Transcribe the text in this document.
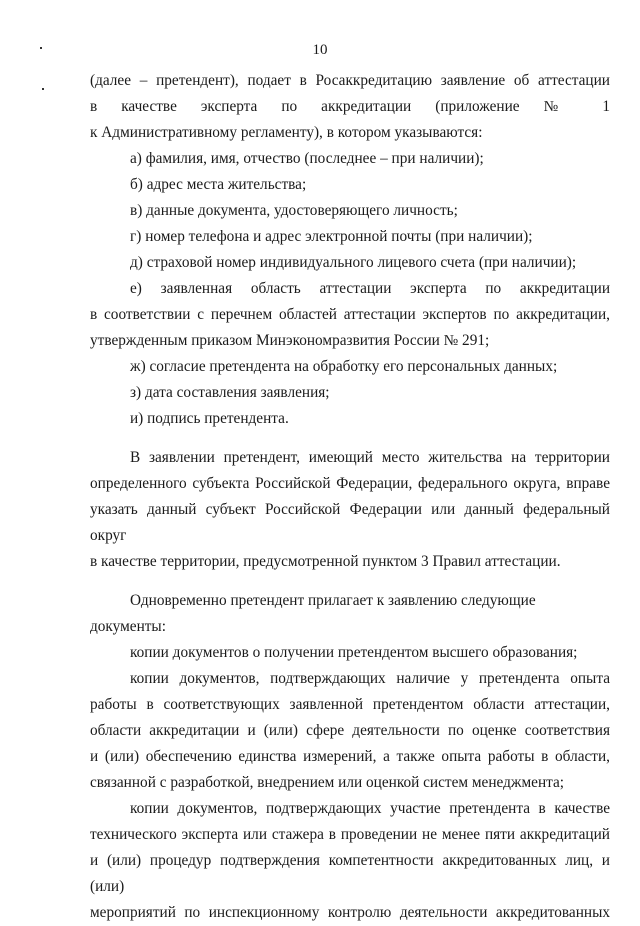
10

(далее – претендент), подает в Росаккредитацию заявление об аттестации

в качестве эксперта по аккредитации (приложение № 1

к Административному регламенту), в котором указываются:

а) фамилия, имя, отчество (последнее – при наличии);

б) адрес места жительства;

в) данные документа, удостоверяющего личность;

г) номер телефона и адрес электронной почты (при наличии);

д) страховой номер индивидуального лицевого счета (при наличии);

е) заявленная область аттестации эксперта по аккредитации

в соответствии с перечнем областей аттестации экспертов по аккредитации,

утвержденным приказом Минэкономразвития России № 291;

ж) согласие претендента на обработку его персональных данных;

з) дата составления заявления;

и) подпись претендента.

В заявлении претендент, имеющий место жительства на территории

определенного субъекта Российской Федерации, федерального округа, вправе

указать данный субъект Российской Федерации или данный федеральный округ

в качестве территории, предусмотренной пунктом 3 Правил аттестации.

Одновременно претендент прилагает к заявлению следующие документы:

копии документов о получении претендентом высшего образования;

копии документов, подтверждающих наличие у претендента опыта

работы в соответствующих заявленной претендентом области аттестации,

области аккредитации и (или) сфере деятельности по оценке соответствия

и (или) обеспечению единства измерений, а также опыта работы в области,

связанной с разработкой, внедрением или оценкой систем менеджмента;

копии документов, подтверждающих участие претендента в качестве

технического эксперта или стажера в проведении не менее пяти аккредитаций

и (или) процедур подтверждения компетентности аккредитованных лиц, и (или)

мероприятий по инспекционному контролю деятельности аккредитованных
